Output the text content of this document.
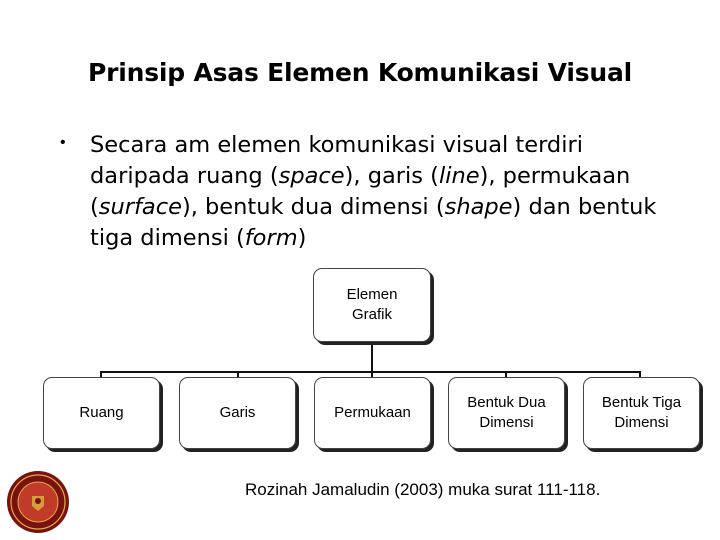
Prinsip Asas Elemen Komunikasi Visual
• Secara am elemen komunikasi visual terdiri daripada ruang (space), garis (line), permukaan (surface), bentuk dua dimensi (shape) dan bentuk tiga dimensi (form)
Elemen
Grafik
Ruang	Garis	Permukaan
Bentuk Dua
Dimensi
Bentuk Tiga
Dimensi
Rozinah Jamaludin (2003) muka surat 111-118.
